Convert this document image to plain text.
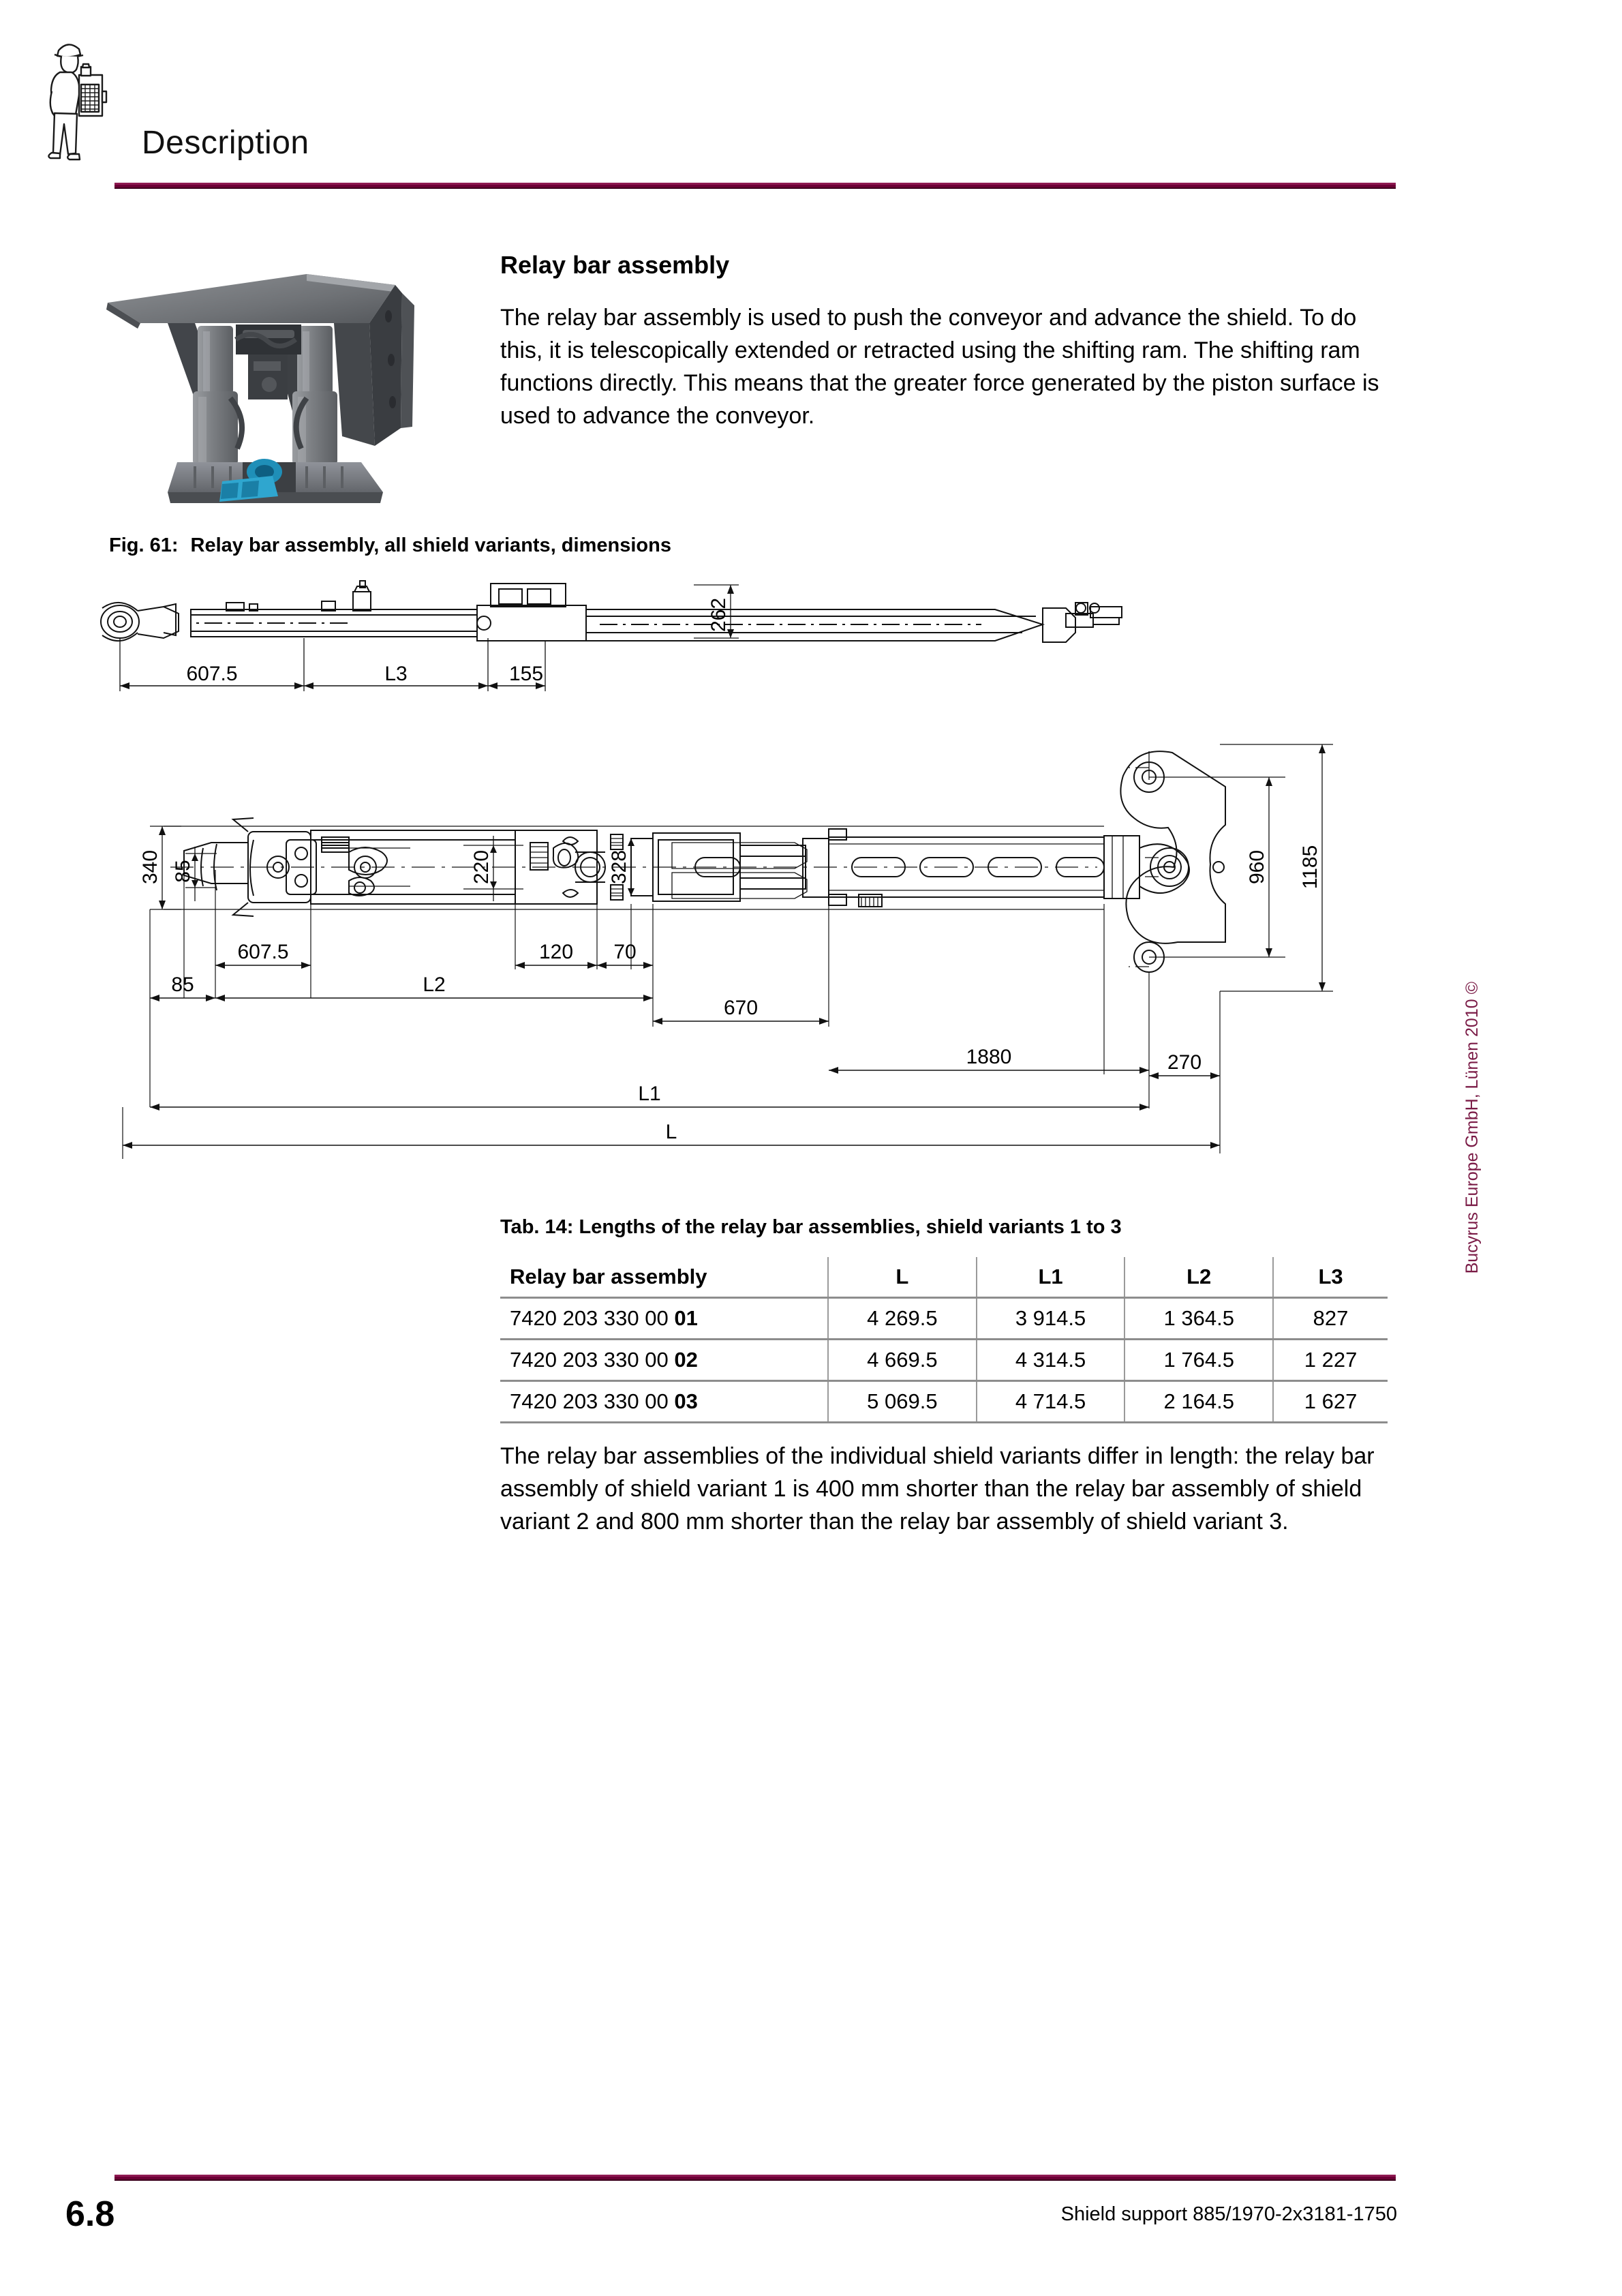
Description
Relay bar assembly
The relay bar assembly is used to push the conveyor and advance the shield. To do this, it is telescopically extended or retracted using the shifting ram. The shifting ram functions directly. This means that the greater force generated by the piston surface is used to advance the conveyor.
Fig. 61: Relay bar assembly, all shield variants, dimensions
607.5	L3	155
262
340 85	220	328	960 1185
607.5	120 70
85	L2
670
1880
L1
270
L
Tab. 14: Lengths of the relay bar assemblies, shield variants 1 to 3
Relay bar assembly	L	L1	L2	L3
7420 203 330 00 01	4 269.5	3 914.5	1 364.5	827
7420 203 330 00 02	4 669.5	4 314.5	1 764.5	1 227
7420 203 330 00 03	5 069.5	4 714.5	2 164.5	1 627
The relay bar assemblies of the individual shield variants differ in length: the relay bar assembly of shield variant 1 is 400 mm shorter than the relay bar assembly of shield variant 2 and 800 mm shorter than the relay bar assembly of shield variant 3.
Bucyrus Europe GmbH, Lünen 2010 ©
6.8	Shield support 885/1970-2x3181-1750
